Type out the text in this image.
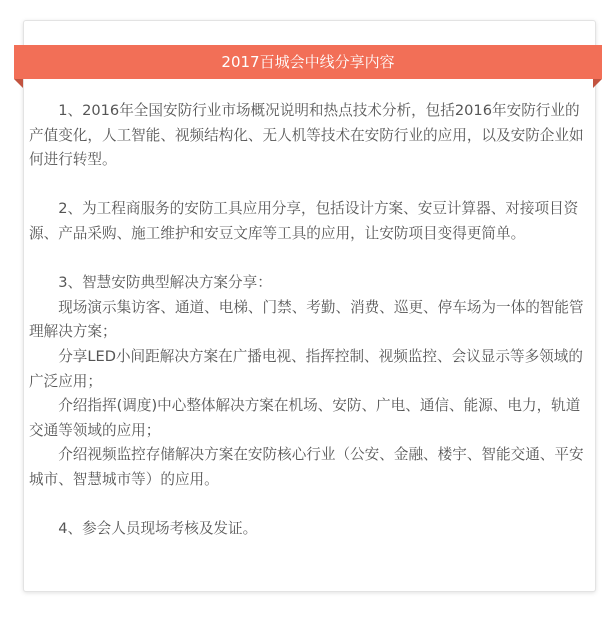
2017百城会中线分享内容

1、2016年全国安防行业市场概况说明和热点技术分析，包括2016年安防行业的产值变化，人工智能、视频结构化、无人机等技术在安防行业的应用，以及安防企业如何进行转型。

2、为工程商服务的安防工具应用分享，包括设计方案、安豆计算器、对接项目资源、产品采购、施工维护和安豆文库等工具的应用，让安防项目变得更简单。

3、智慧安防典型解决方案分享：

现场演示集访客、通道、电梯、门禁、考勤、消费、巡更、停车场为一体的智能管理解决方案；

分享LED小间距解决方案在广播电视、指挥控制、视频监控、会议显示等多领域的广泛应用；

介绍指挥(调度)中心整体解决方案在机场、安防、广电、通信、能源、电力，轨道交通等领域的应用；

介绍视频监控存储解决方案在安防核心行业（公安、金融、楼宇、智能交通、平安城市、智慧城市等）的应用。

4、参会人员现场考核及发证。
